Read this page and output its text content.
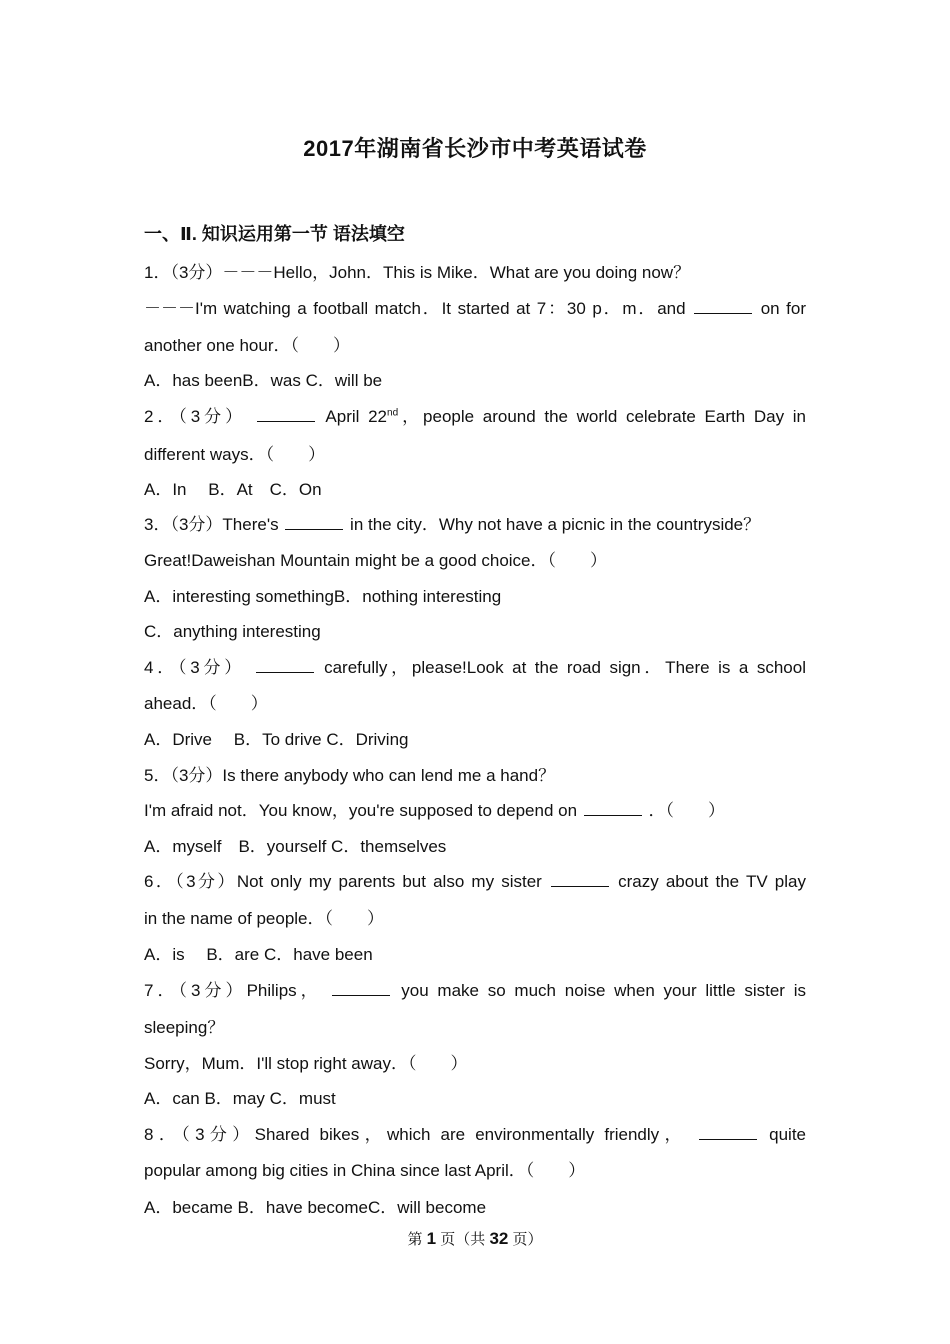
2017年湖南省长沙市中考英语试卷
一、Ⅱ. 知识运用第一节 语法填空
1．（3分）－－－Hello，John．This is Mike．What are you doing now？
－－－I'm watching a football match．It started at 7：30 p．m．and	on for
another one hour．（　　）
A．has beenB．was C．will be
2．（3分）	April 22nd，people around the world celebrate Earth Day in
different ways．（　　）
A．In　 B．At　C．On
3．（3分）There's	in the city．Why not have a picnic in the countryside？
Great!Daweishan Mountain might be a good choice．（　　）
A．interesting somethingB．nothing interesting
C．anything interesting
4．（3分）	carefully，please!Look at the road sign．There is a school
ahead．（　　）
A．Drive　 B．To drive C．Driving
5．（3分）Is there anybody who can lend me a hand？
I'm afraid not．You know，you're supposed to depend on	．（　　）
A．myself　B．yourself C．themselves
6．（3分）Not only my parents but also my sister	crazy about the TV play
in the name of people．（　　）
A．is　 B．are C．have been
7．（3分）Philips，	you make so much noise when your little sister is
sleeping？
Sorry，Mum．I'll stop right away．（　　）
A．can B．may C．must
8．（3分）Shared bikes，which are environmentally friendly，	quite
popular among big cities in China since last April．（　　）
A．became B．have becomeC．will become
第 1 页（共 32 页）
